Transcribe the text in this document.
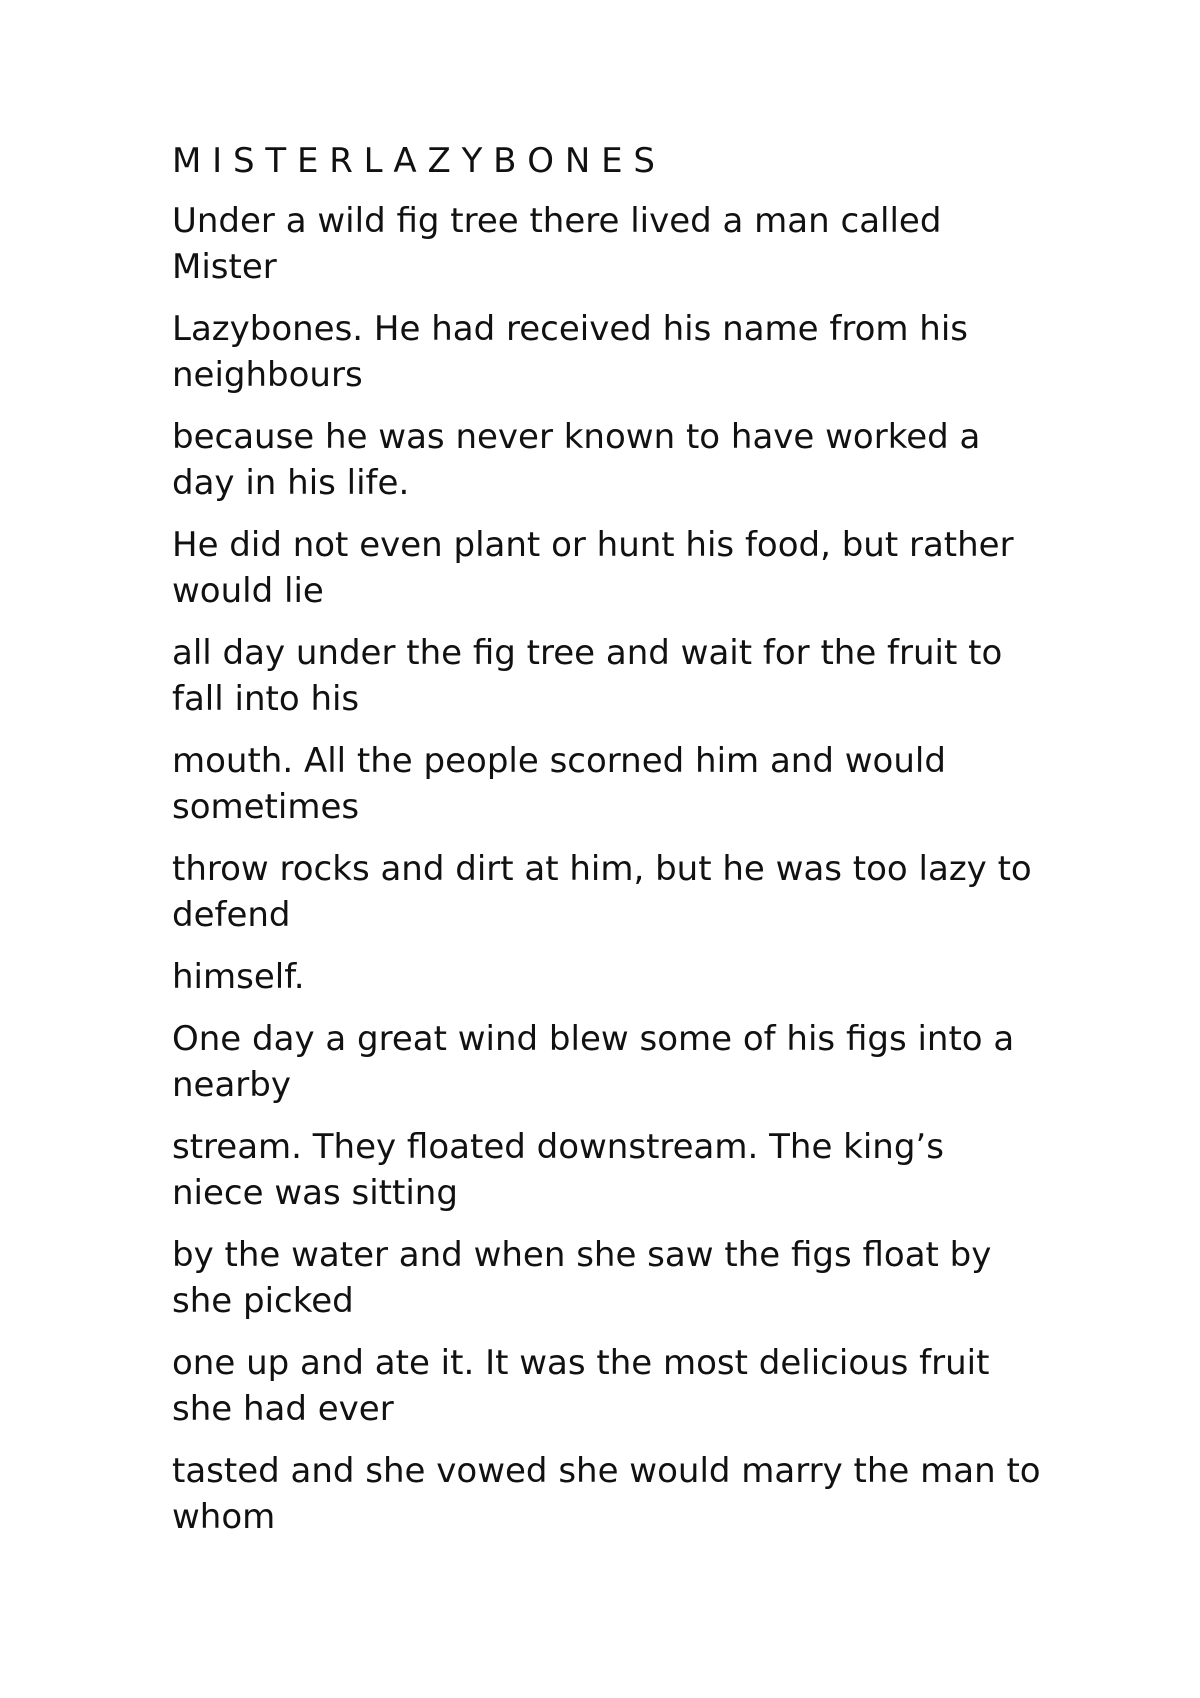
M I S T E R L A Z Y B O N E S

Under a wild fig tree there lived a man called Mister

Lazybones. He had received his name from his neighbours

because he was never known to have worked a day in his life.

He did not even plant or hunt his food, but rather would lie

all day under the fig tree and wait for the fruit to fall into his

mouth. All the people scorned him and would sometimes

throw rocks and dirt at him, but he was too lazy to defend

himself.

One day a great wind blew some of his figs into a nearby

stream. They floated downstream. The king’s niece was sitting

by the water and when she saw the figs float by she picked

one up and ate it. It was the most delicious fruit she had ever

tasted and she vowed she would marry the man to whom
